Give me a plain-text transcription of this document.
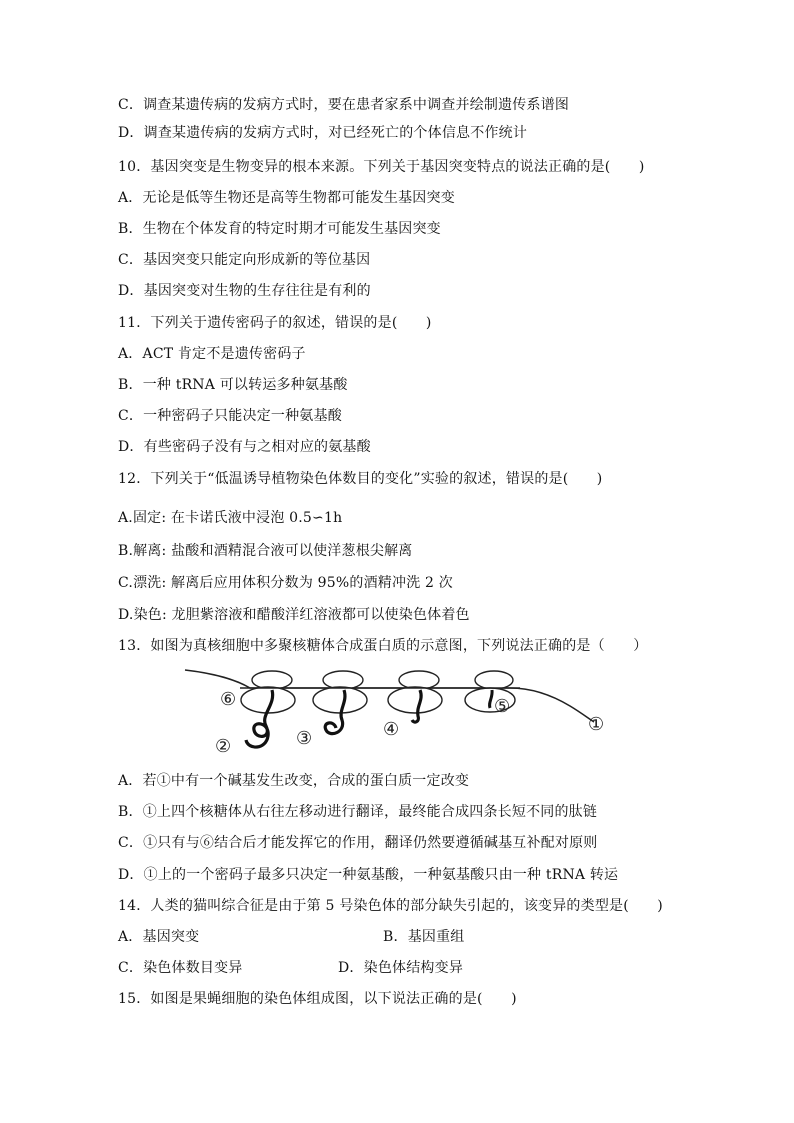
C．调查某遗传病的发病方式时，要在患者家系中调查并绘制遗传系谱图
D．调查某遗传病的发病方式时，对已经死亡的个体信息不作统计
10．基因突变是生物变异的根本来源。下列关于基因突变特点的说法正确的是(　　)
A．无论是低等生物还是高等生物都可能发生基因突变
B．生物在个体发育的特定时期才可能发生基因突变
C．基因突变只能定向形成新的等位基因
D．基因突变对生物的生存往往是有利的
11．下列关于遗传密码子的叙述，错误的是(　　)
A．ACT 肯定不是遗传密码子
B．一种 tRNA 可以转运多种氨基酸
C．一种密码子只能决定一种氨基酸
D．有些密码子没有与之相对应的氨基酸
12．下列关于“低温诱导植物染色体数目的变化”实验的叙述，错误的是(　　)
A.固定: 在卡诺氏液中浸泡 0.5∽1h
B.解离: 盐酸和酒精混合液可以使洋葱根尖解离
C.漂洗: 解离后应用体积分数为 95%的酒精冲洗 2 次
D.染色: 龙胆紫溶液和醋酸洋红溶液都可以使染色体着色
13．如图为真核细胞中多聚核糖体合成蛋白质的示意图，下列说法正确的是（　　）
⑥
②	③	④
⑤
①
A．若①中有一个碱基发生改变，合成的蛋白质一定改变
B．①上四个核糖体从右往左移动进行翻译，最终能合成四条长短不同的肽链
C．①只有与⑥结合后才能发挥它的作用，翻译仍然要遵循碱基互补配对原则
D．①上的一个密码子最多只决定一种氨基酸，一种氨基酸只由一种 tRNA 转运
14．人类的猫叫综合征是由于第 5 号染色体的部分缺失引起的，该变异的类型是(　　)
A．基因突变	B．基因重组
C．染色体数目变异	D．染色体结构变异
15．如图是果蝇细胞的染色体组成图，以下说法正确的是(　　)
